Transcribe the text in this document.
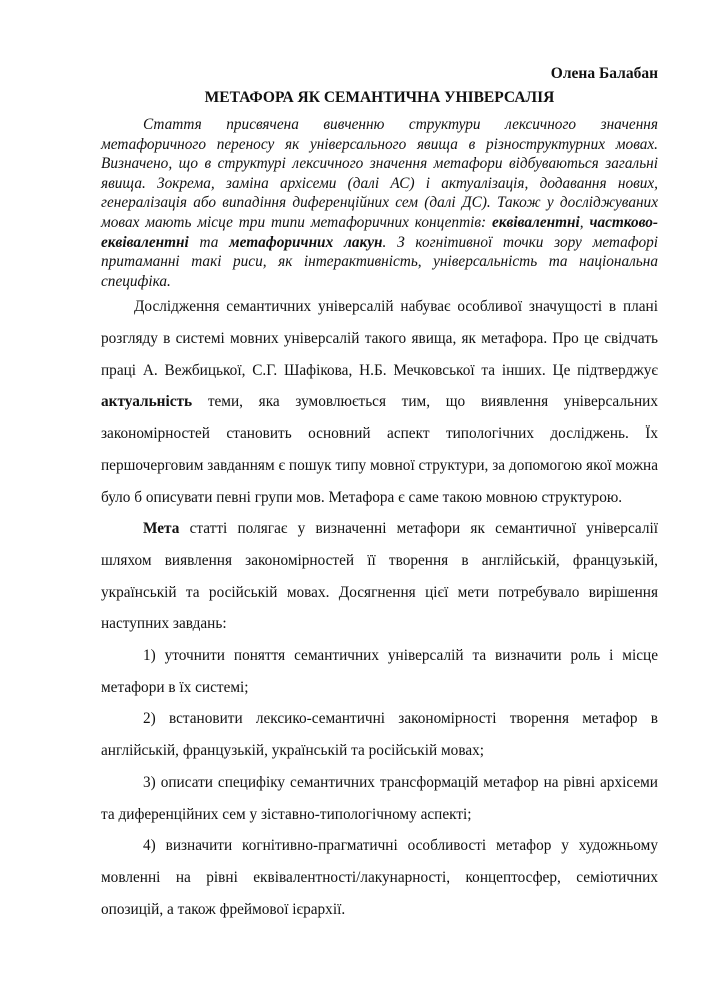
Олена Балабан

МЕТАФОРА ЯК СЕМАНТИЧНА УНІВЕРСАЛІЯ

Стаття присвячена вивченню структури лексичного значення метафоричного переносу як універсального явища в різноструктурних мовах. Визначено, що в структурі лексичного значення метафори відбуваються загальні явища. Зокрема, заміна архісеми (далі АС) і актуалізація, додавання нових, генералізація або випадіння диференційних сем (далі ДС). Також у досліджуваних мовах мають місце три типи метафоричних концептів: еквівалентні, частково-еквівалентні та метафоричних лакун. З когнітивної точки зору метафорі притаманні такі риси, як інтерактивність, універсальність та національна специфіка.

Дослідження семантичних універсалій набуває особливої значущості в плані розгляду в системі мовних універсалій такого явища, як метафора. Про це свідчать праці А. Вежбицької, С.Г. Шафікова, Н.Б. Мечковської та інших. Це підтверджує актуальність теми, яка зумовлюється тим, що виявлення універсальних закономірностей становить основний аспект типологічних досліджень. Їх першочерговим завданням є пошук типу мовної структури, за допомогою якої можна було б описувати певні групи мов. Метафора є саме такою мовною структурою.

Мета статті полягає у визначенні метафори як семантичної універсалії шляхом виявлення закономірностей її творення в англійській, французькій, українській та російській мовах. Досягнення цієї мети потребувало вирішення наступних завдань:

1) уточнити поняття семантичних універсалій та визначити роль і місце метафори в їх системі;

2) встановити лексико-семантичні закономірності творення метафор в англійській, французькій, українській та російській мовах;

3) описати специфіку семантичних трансформацій метафор на рівні архісеми та диференційних сем у зіставно-типологічному аспекті;

4) визначити когнітивно-прагматичні особливості метафор у художньому мовленні на рівні еквівалентності/лакунарності, концептосфер, семіотичних опозицій, а також фреймової ієрархії.
